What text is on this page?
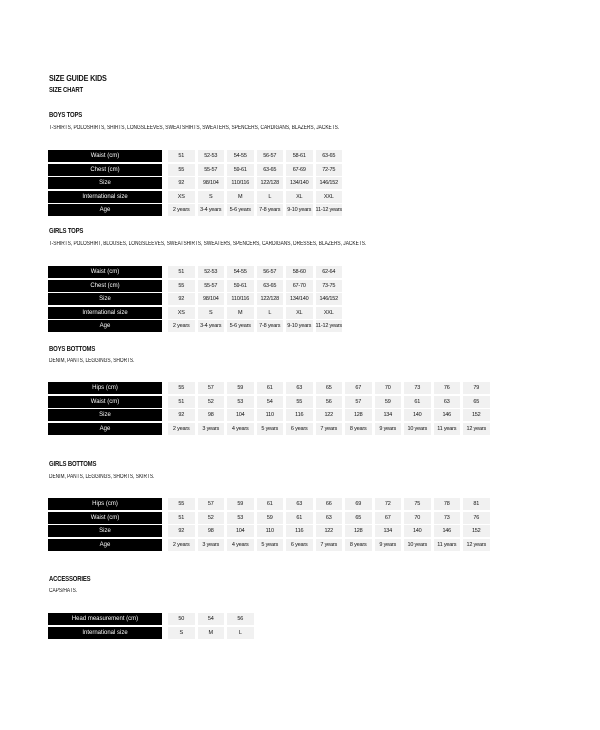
SIZE GUIDE KIDS
SIZE CHART
BOYS TOPS
T-SHIRTS, POLOSHIRTS, SHIRTS, LONGSLEEVES, SWEATSHIRTS, SWEATERS, SPENCERS, CARDIGANS, BLAZERS, JACKETS.
Waist (cm)	51	52-53	54-55	56-57	58-61	63-65
Chest (cm)	55	55-57	59-61	63-65	67-69	72-75
Size	92	98/104	110/116	122/128	134/140	146/152
International size	XS	S	M	L	XL	XXL
Age	2 years	3-4 years	5-6 years	7-8 years	9-10 years 11-12 years
GIRLS TOPS
T-SHIRTS, POLOSHIRT, BLOUSES, LONGSLEEVES, SWEATSHIRTS, SWEATERS, SPENCERS, CARDIGANS, DRESSES, BLAZERS, JACKETS.
Waist (cm)	51	52-53	54-55	56-57	58-60	62-64
Chest (cm)	55	55-57	59-61	63-65	67-70	73-75
Size	92	98/104	110/116	122/128	134/140	146/152
International size	XS	S	M	L	XL	XXL
Age	2 years	3-4 years	5-6 years	7-8 years	9-10 years 11-12 years
BOYS BOTTOMS
DENIM, PANTS, LEGGINGS, SHORTS.
Hips (cm)	55	57	59	61	63	65	67	70	73	76	79
Waist (cm)	51	52	53	54	55	56	57	59	61	63	65
Size	92	98	104	110	116	122	128	134	140	146	152
Age	2 years	3 years	4 years	5 years	6 years	7 years	8 years	9 years	10 years	11 years	12 years
GIRLS BOTTOMS
DENIM, PANTS, LEGGINGS, SHORTS, SKIRTS.
Hips (cm)	55	57	59	61	63	66	69	72	75	78	81
Waist (cm)	51	52	53	59	61	63	65	67	70	73	76
Size	92	98	104	110	116	122	128	134	140	146	152
Age	2 years	3 years	4 years	5 years	6 years	7 years	8 years	9 years	10 years	11 years	12 years
ACCESSORIES
CAPS/HATS.
Head measurement (cm)	50	54	56
International size	S	M	L
